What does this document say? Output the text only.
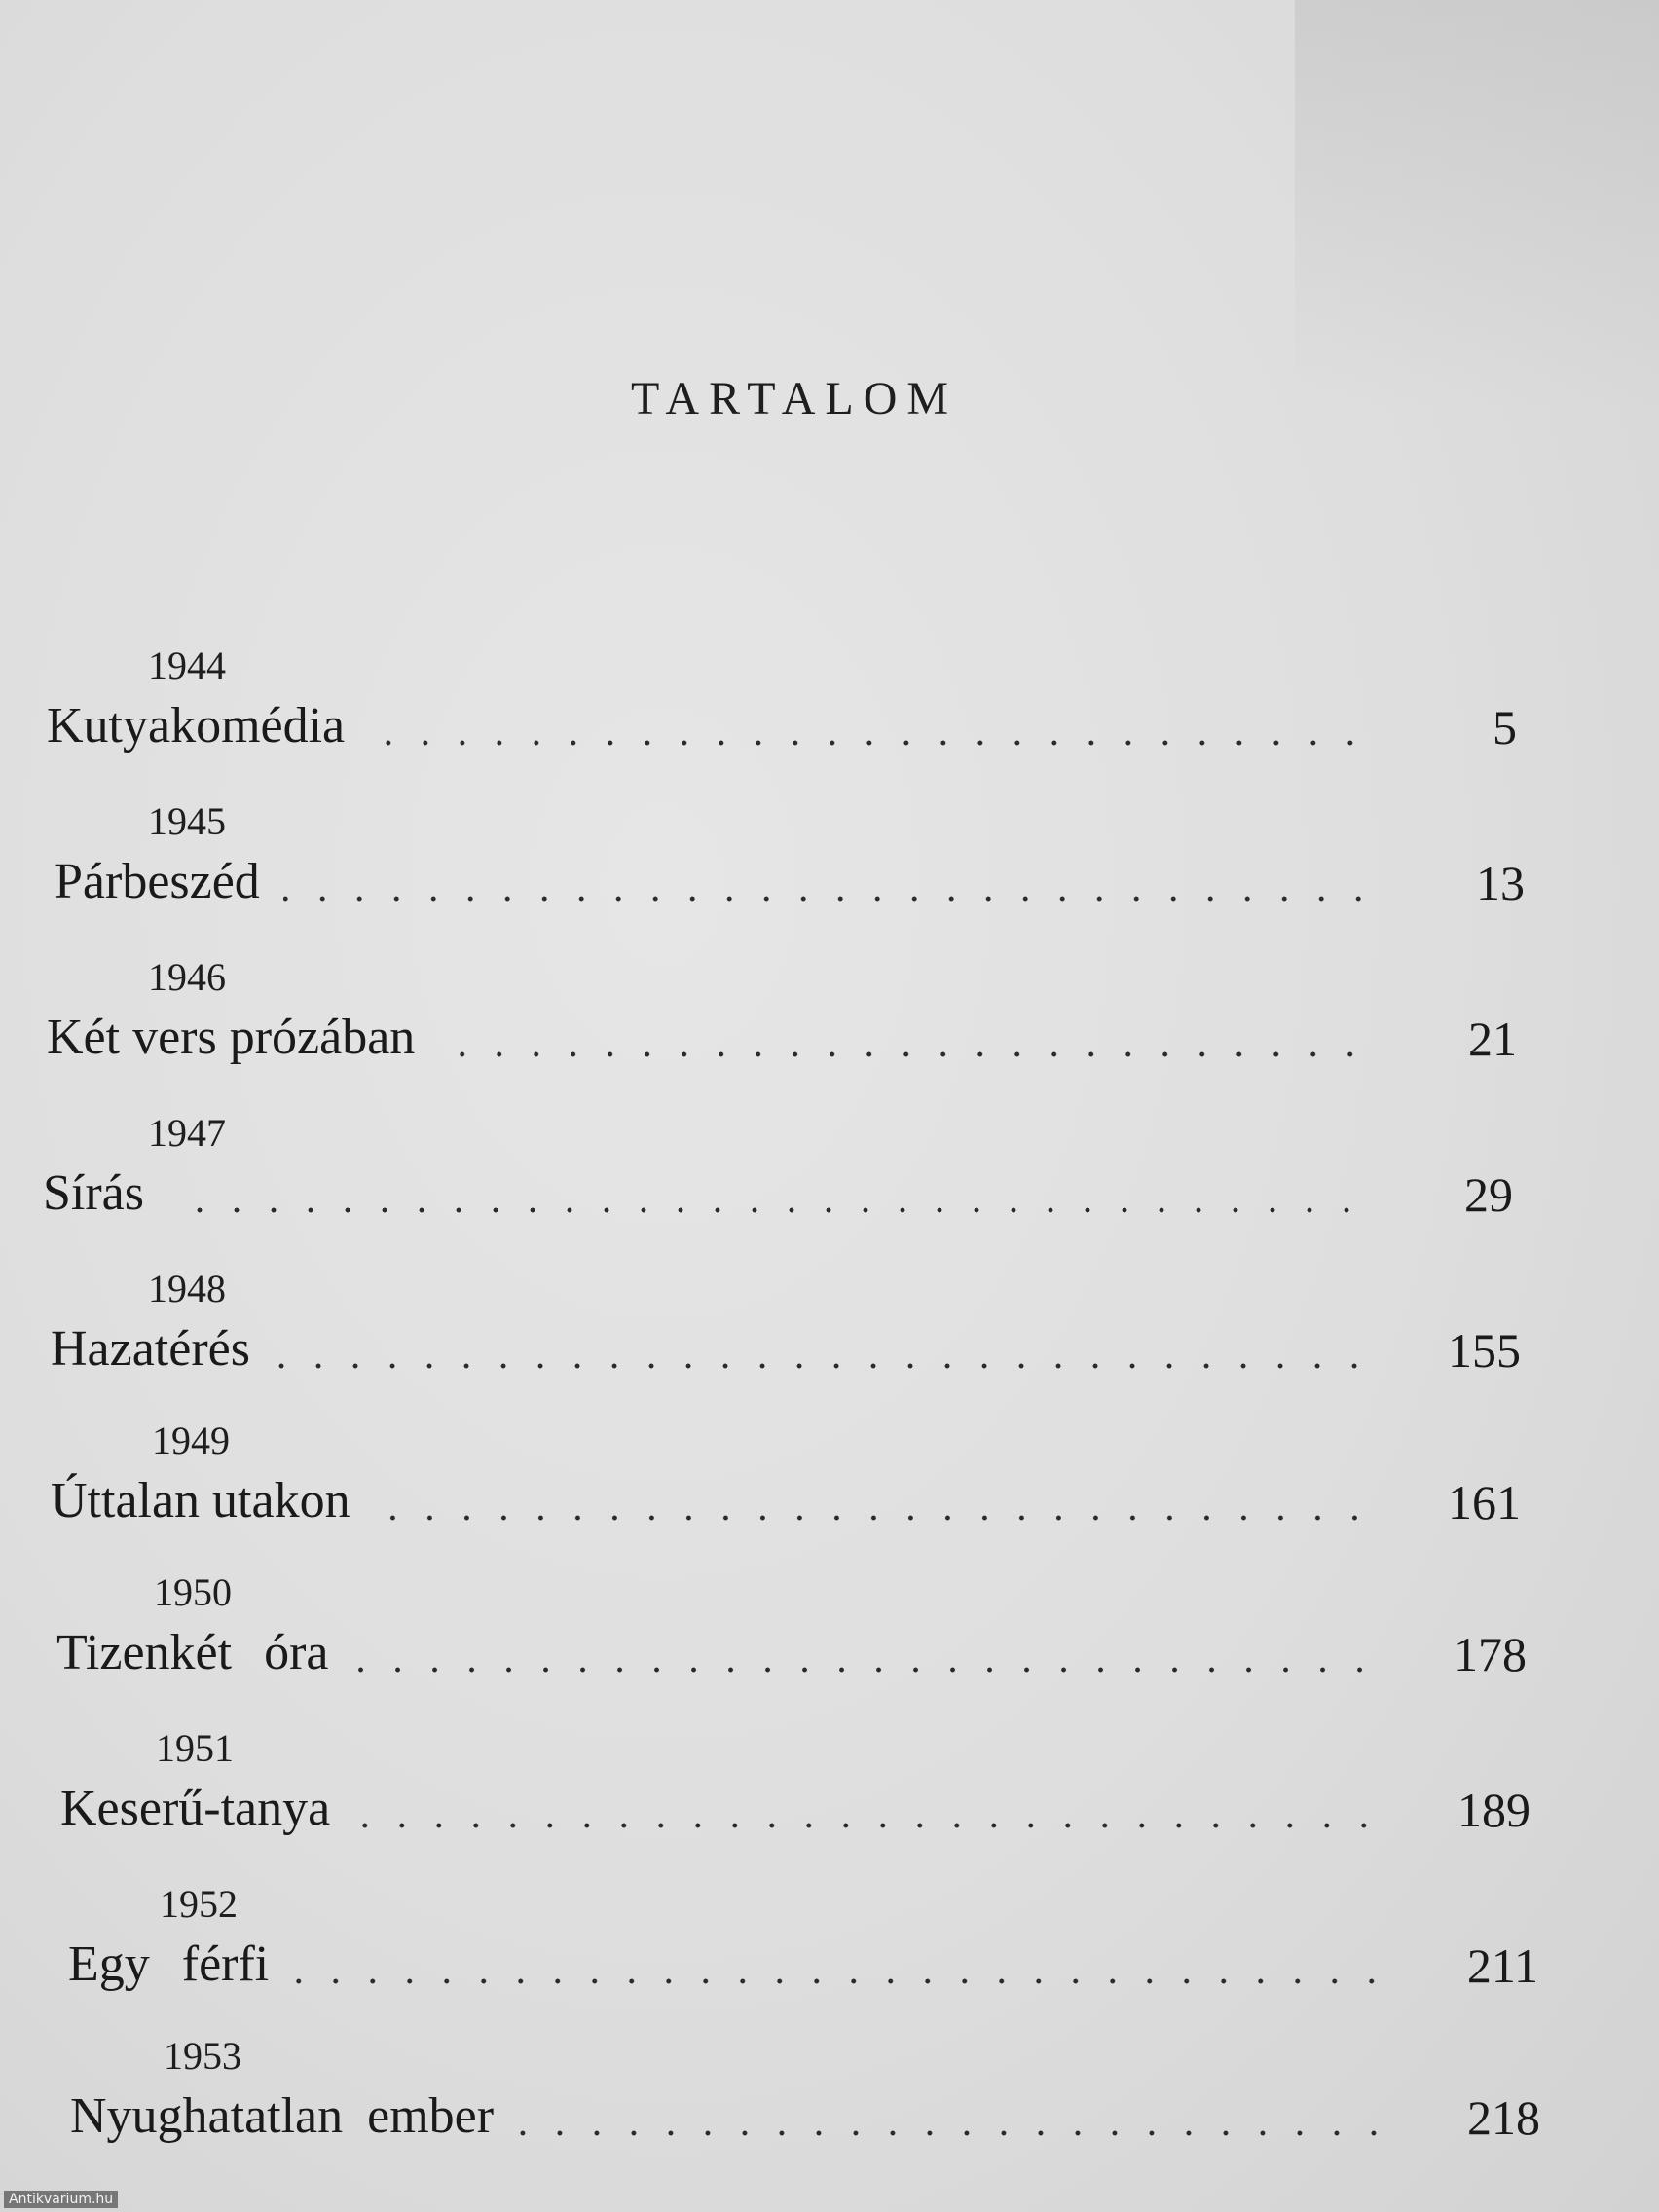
TARTALOM
1944
Kutyakomédia	5
1945
Párbeszéd	13
1946
Két vers prózában	21
1947
Sírás	29
1948
Hazatérés	155
1949
Úttalan utakon	161
1950
Tizenkét óra	178
1951
Keserű-tanya	189
1952
Egy férfi	211
1953
Nyughatatlan ember	218
Antikvarium.hu
